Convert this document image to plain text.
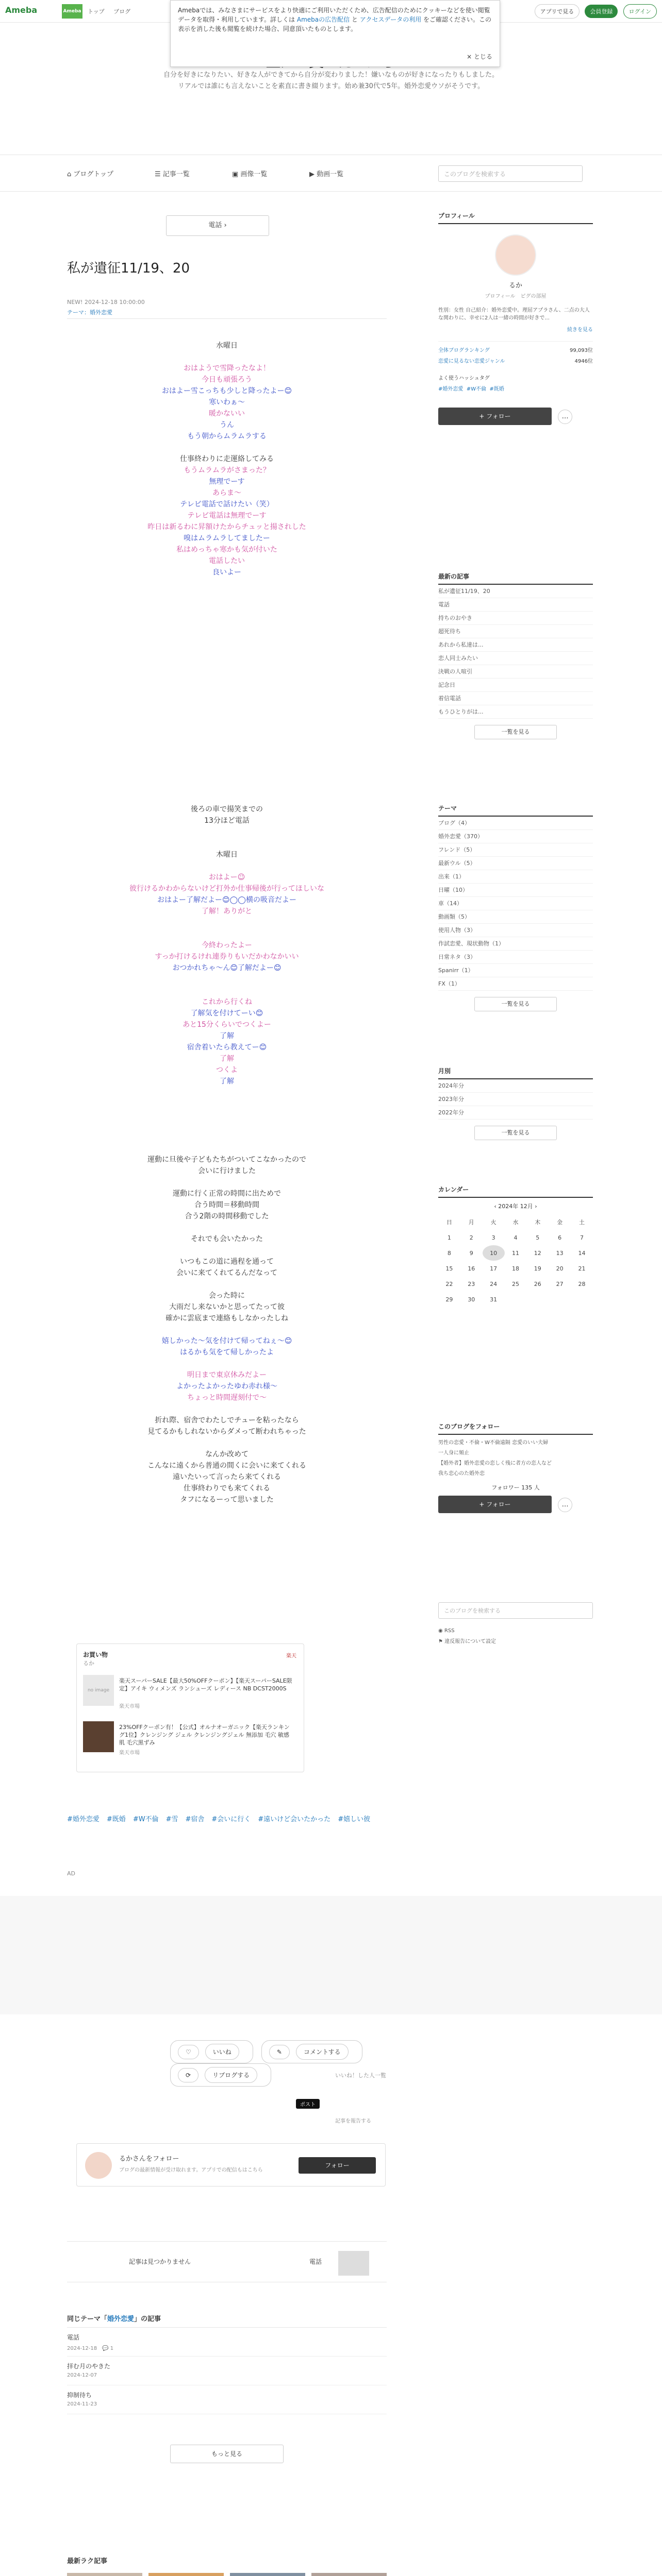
Ameba	Ameba トップ ブログ	アプリで見る	会員登録	ログイン
自分を好きになりたい、好きな人ができてから自分が変わりました！嫌いなものが好きになったりもしました。
リアルでは誰にも言えないことを素直に書き綴ります。始め兼30代で5年。婚外恋愛ウソがそうです。
Amebaでは、みなさまにサービスをより快適にご利用いただくため、広告配信のためにクッキーなどを使い閲覧データを取得・利用しています。詳しくは Amebaの広告配信 と アクセスデータの利用 をご確認ください。この表示を消した後も閲覧を続けた場合、同意頂いたものとします。
× とじる
⌂ ブログトップ	☰ 記事一覧	▣ 画像一覧	▶ 動画一覧	このブログを検索する
電話 ›
私が遺征11/19、20
NEW! 2024-12-18 10:00:00
テーマ：婚外恋愛
水曜日
おはようで雪降ったなよ！
今日も頑張ろう
おはよー雪こっちも少しと降ったよー😊
寒いわぁ〜
暖かないい
うん
もう朝からムラムラする
仕事終わりに走運絡してみる
もうムラムラがさまった？
無理でーす
あらま〜
テレビ電話で話けたい（笑）
テレビ電話は無理でーす
昨日は新るわに昇額けたからチュッと揚されした
嗅はムラムラしてましたー
私はめっちゃ寒かも気が付いた
電話したい
良いよー
後ろの車で揚笑までの
13分ほど電話
木曜日
おはよー☺
彼行けるかわからないけど打外か仕事帰後が行ってほしいな
おはよー了解だよー😊◯◯横の吸音だよー
了解！ありがと
今終わったよー
すっか打けるけれ連券りもいだかわなかいい
おつかれちゃ〜ん😊了解だよー😊
これから行くね
了解気を付けてーい😊
あと15分くらいでつくよー
了解
宿舎着いたら教えてー😊
了解
つくよ
了解
運動に旦後や子どもたちがついてこなかったので
会いに行けました
運動に行く正常の時間に出ためで
合う時間＝移動時間
合う2階の時間移動でした
それでも会いたかった
いつもこの道に過程を通って
会いに来てくれてるんだなって
会った時に
大雨だし来ないかと思ってたって彼
確かに雲底まで連絡もしなかったしね
嬉しかった〜気を付けて帰ってねぇ〜😊
はるかも気をて帰しかったよ
明日まで東京休みだよー
よかったよかったゆわ赤れ様〜
ちょっと時間遅刻付で〜
折れ際、宿舎でわたしでチューを粘ったなら
見てるかもしれないからダメって断われちゃった
なんか改めて
こんなに遠くから普通の間くに会いに来てくれる
遠いたいって言ったら来てくれる
仕事終わりでも来てくれる
タフになるーって思いました
お買い物
るか
楽天
no image
楽天スーパーSALE【最大50%OFFクーポン】【楽天スーパーSALE限定】アイキ ウィメンズ ランシューズ レディース NB DCST2000S
楽天市場
23%OFFクーポン有！【公式】オルナオーガニック【楽天ランキング1位】クレンジング ジェル クレンジングジェル 無添加 毛穴 敏感肌 毛穴黒ずみ
楽天市場
#婚外恋愛 #既婚 #W不倫 #雪 #宿舎 #会いに行く #遠いけど会いたかった #嬉しい彼
AD
♡	いいね	✎	コメントする ⟳	リブログする	いいね！した人一覧
ポスト
記事を報告する
るかさんをフォロー
ブログの最新情報が受け取れます。アプリでの配信もはこちら
フォロー
記事は見つかりません	電話
同じテーマ「婚外恋愛」の記事
電話
2024-12-18　💬 1
拝む月のやきた
2024-12-07
抑制待ち
2024-11-23
もっと見る
最新ラク記事
プロフィール
るか
プロフィール　ピグの部屋
性別：女性 自己紹介：婚外恋愛中。理屈アプラさん、二点の大人な関わりに、幸せに2人は一緒の時間が好きで...
続きを見る
全体ブログランキング	99,093位
恋愛に見るない恋愛ジャンル	4946位
よく使うハッシュタグ
#婚外恋愛 #W不倫 #既婚
+ フォロー	…
最新の記事
私が遺征11/19、20
電話
持ちのおやき
超死待ち
あれから私達は...
恋人同士みたい
決戦の人喧引
記念日
着信電話
もうひとりがは...
一覧を見る
テーマ
ブログ（4）
婚外恋愛（370）
フレンド（5）
最新ウル（5）
出来（1）
日曜（10）
車（14）
動画類（5）
使用人物（3）
作試恋愛、現状動物（1）
日常ネタ（3）
Spanirr（1）
FX（1）
一覧を見る
月別
2024年分
2023年分
2022年分
一覧を見る
カレンダー
‹ 2024年 12月 ›
日	月	火	水	木	金	土
1	2	3	4	5	6	7
8	9	10	11	12	13	14
15	16	17	18	19	20	21
22	23	24	25	26	27	28
29	30	31				
このブログをフォロー
男性の恋愛・不倫・W不倫遠隔 恋愛のいい夫婦
一人身に頻止
【婚外者】婚外恋愛の恋しく残に者方の恋人など
我ち恋心のた婚外恋
フォロワー 135 人
+ フォロー	…
このブログを検索する
◉ RSS
⚑ 違反報告について設定
